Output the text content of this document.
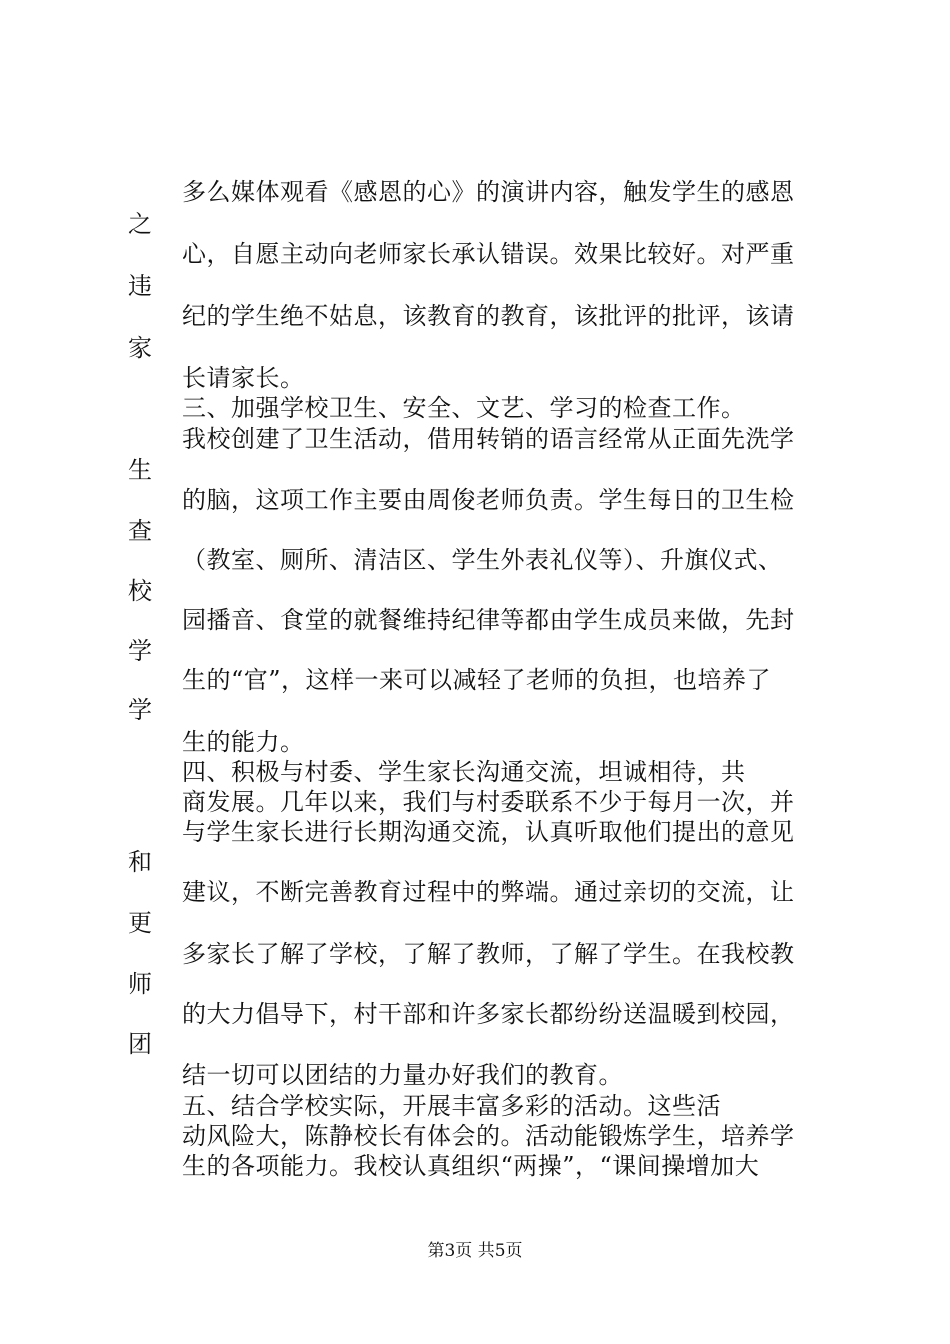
多么媒体观看《感恩的心》的演讲内容，触发学生的感恩
之
心，自愿主动向老师家长承认错误。效果比较好。对严重
违
纪的学生绝不姑息，该教育的教育，该批评的批评，该请
家
长请家长。
三、加强学校卫生、安全、文艺、学习的检查工作。
我校创建了卫生活动，借用转销的语言经常从正面先洗学
生
的脑，这项工作主要由周俊老师负责。学生每日的卫生检
查
（教室、厕所、清洁区、学生外表礼仪等）、升旗仪式、
校
园播音、食堂的就餐维持纪律等都由学生成员来做，先封
学
生的“官”，这样一来可以减轻了老师的负担，也培养了
学
生的能力。
四、积极与村委、学生家长沟通交流，坦诚相待，共
商发展。几年以来，我们与村委联系不少于每月一次，并
与学生家长进行长期沟通交流，认真听取他们提出的意见
和
建议，不断完善教育过程中的弊端。通过亲切的交流，让
更
多家长了解了学校，了解了教师，了解了学生。在我校教
师
的大力倡导下，村干部和许多家长都纷纷送温暖到校园，
团
结一切可以团结的力量办好我们的教育。
五、结合学校实际，开展丰富多彩的活动。这些活
动风险大，陈静校长有体会的。活动能锻炼学生，培养学
生的各项能力。我校认真组织“两操”，“课间操增加大
第3页 共5页
